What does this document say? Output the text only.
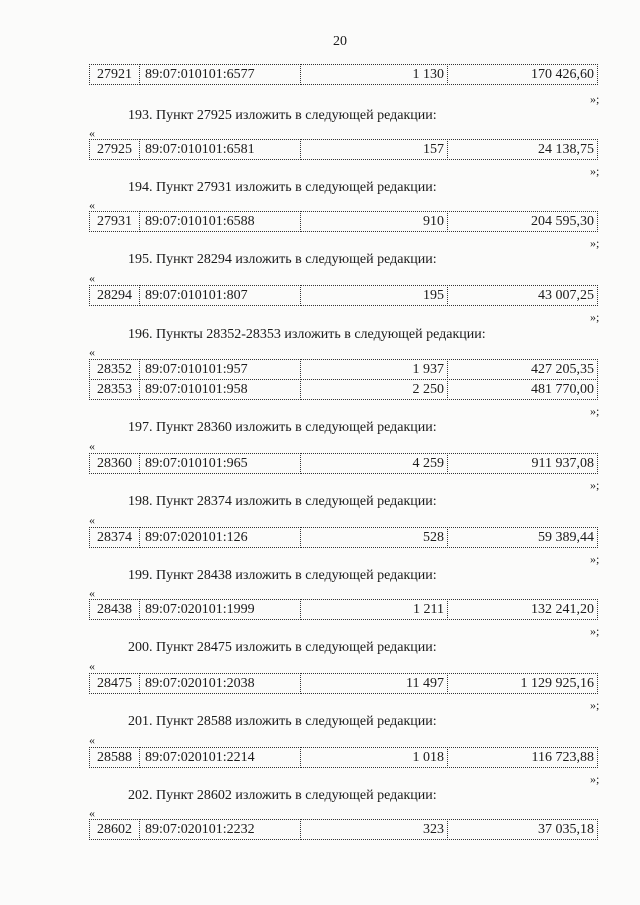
20
27921 89:07:010101:6577	1 130	170 426,60
»;
193. Пункт 27925 изложить в следующей редакции:
«
27925 89:07:010101:6581	157	24 138,75
»;
194. Пункт 27931 изложить в следующей редакции:
«
27931 89:07:010101:6588	910	204 595,30
»;
195. Пункт 28294 изложить в следующей редакции:
«
28294 89:07:010101:807	195	43 007,25
»;
196. Пункты 28352-28353 изложить в следующей редакции:
«
28352 89:07:010101:957	1 937	427 205,35
28353 89:07:010101:958	2 250	481 770,00
»;
197. Пункт 28360 изложить в следующей редакции:
«
28360 89:07:010101:965	4 259	911 937,08
»;
198. Пункт 28374 изложить в следующей редакции:
«
28374 89:07:020101:126	528	59 389,44
»;
199. Пункт 28438 изложить в следующей редакции:
«
28438 89:07:020101:1999	1 211	132 241,20
»;
200. Пункт 28475 изложить в следующей редакции:
«
28475 89:07:020101:2038	11 497	1 129 925,16
»;
201. Пункт 28588 изложить в следующей редакции:
«
28588 89:07:020101:2214	1 018	116 723,88
»;
202. Пункт 28602 изложить в следующей редакции:
«
28602 89:07:020101:2232	323	37 035,18
